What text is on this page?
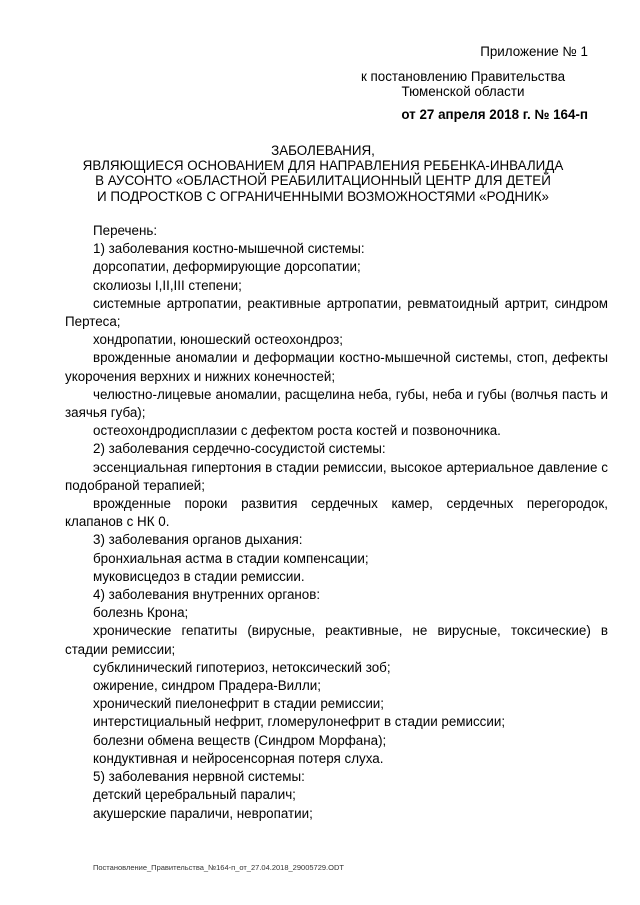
Приложение № 1
к постановлению Правительства Тюменской области
от 27 апреля 2018 г. № 164-п
ЗАБОЛЕВАНИЯ,
ЯВЛЯЮЩИЕСЯ ОСНОВАНИЕМ ДЛЯ НАПРАВЛЕНИЯ РЕБЕНКА-ИНВАЛИДА
В АУСОНТО «ОБЛАСТНОЙ РЕАБИЛИТАЦИОННЫЙ ЦЕНТР ДЛЯ ДЕТЕЙ
И ПОДРОСТКОВ С ОГРАНИЧЕННЫМИ ВОЗМОЖНОСТЯМИ «РОДНИК»

Перечень:

1) заболевания костно-мышечной системы:

дорсопатии, деформирующие дорсопатии;

сколиозы I,II,III степени;

системные артропатии, реактивные артропатии, ревматоидный артрит, синдром Пертеса;

хондропатии, юношеский остеохондроз;

врожденные аномалии и деформации костно-мышечной системы, стоп, дефекты укорочения верхних и нижних конечностей;

челюстно-лицевые аномалии, расщелина неба, губы, неба и губы (волчья пасть и заячья губа);

остеохондродисплазии с дефектом роста костей и позвоночника.

2) заболевания сердечно-сосудистой системы:

эссенциальная гипертония в стадии ремиссии, высокое артериальное давление с подобраной терапией;

врожденные пороки развития сердечных камер, сердечных перегородок, клапанов с НК 0.

3) заболевания органов дыхания:

бронхиальная астма в стадии компенсации;

муковисцедоз в стадии ремиссии.

4) заболевания внутренних органов:

болезнь Крона;

хронические гепатиты (вирусные, реактивные, не вирусные, токсические) в стадии ремиссии;

субклинический гипотериоз, нетоксический зоб;

ожирение, синдром Прадера-Вилли;

хронический пиелонефрит в стадии ремиссии;

интерстициальный нефрит, гломерулонефрит в стадии ремиссии;

болезни обмена веществ (Синдром Морфана);

кондуктивная и нейросенсорная потеря слуха.

5) заболевания нервной системы:

детский церебральный паралич;

акушерские параличи, невропатии;

Постановление_Правительства_№164-п_от_27.04.2018_29005729.ODT
